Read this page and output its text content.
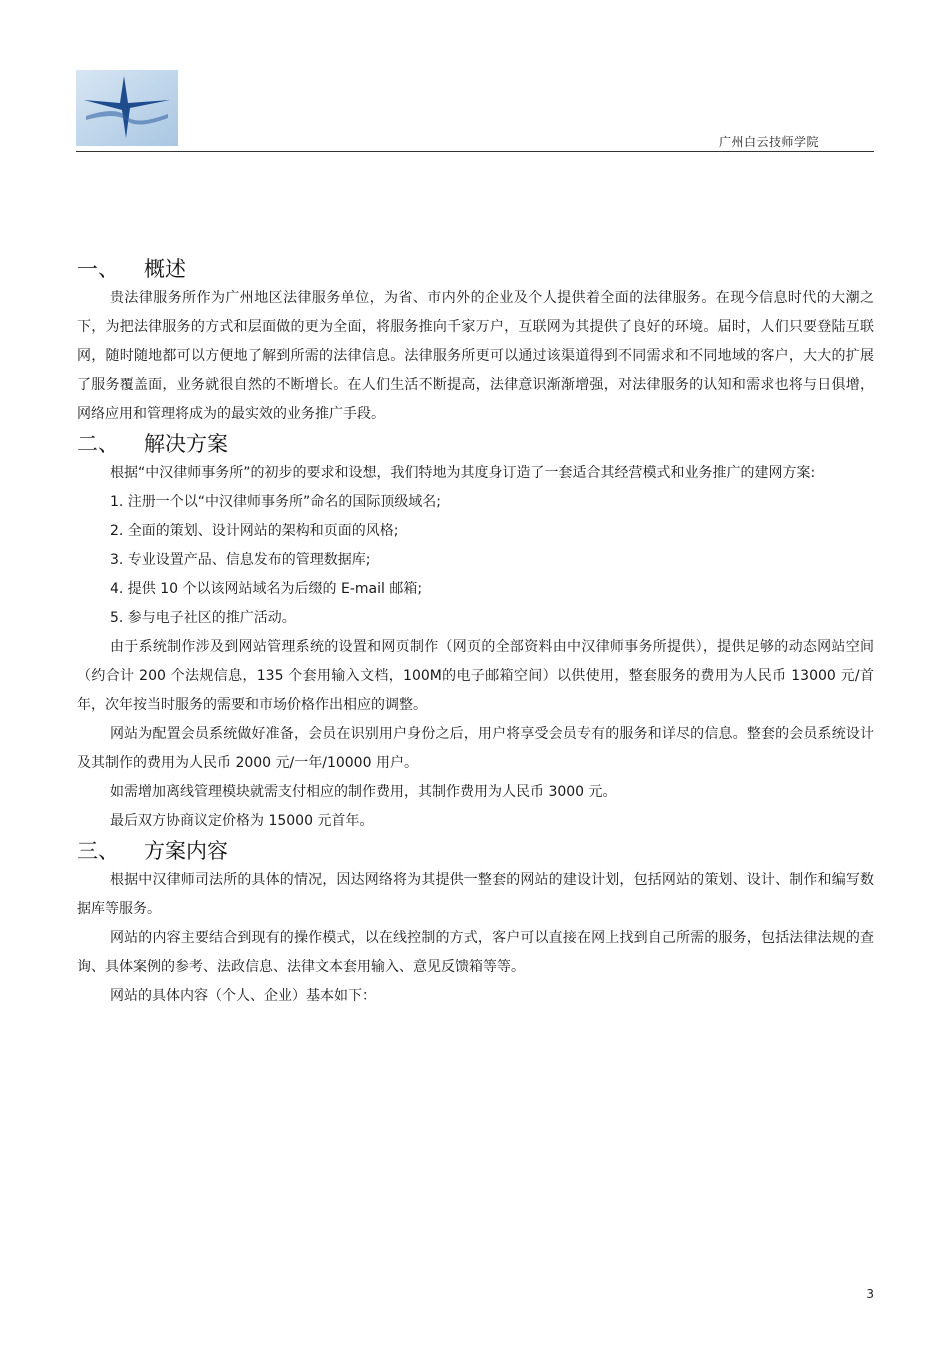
广州白云技师学院
一、	概述

贵法律服务所作为广州地区法律服务单位，为省、市内外的企业及个人提供着全面的法律服务。在现今信息时代的大潮之下，为把法律服务的方式和层面做的更为全面，将服务推向千家万户，互联网为其提供了良好的环境。届时，人们只要登陆互联网，随时随地都可以方便地了解到所需的法律信息。法律服务所更可以通过该渠道得到不同需求和不同地域的客户，大大的扩展了服务覆盖面，业务就很自然的不断增长。在人们生活不断提高，法律意识渐渐增强，对法律服务的认知和需求也将与日俱增，网络应用和管理将成为的最实效的业务推广手段。

二、	解决方案

根据“中汉律师事务所”的初步的要求和设想，我们特地为其度身订造了一套适合其经营模式和业务推广的建网方案:

1. 注册一个以“中汉律师事务所”命名的国际顶级域名;
2. 全面的策划、设计网站的架构和页面的风格;
3. 专业设置产品、信息发布的管理数据库;
4. 提供 10 个以该网站域名为后缀的 E-mail 邮箱;
5. 参与电子社区的推广活动。

由于系统制作涉及到网站管理系统的设置和网页制作（网页的全部资料由中汉律师事务所提供），提供足够的动态网站空间（约合计 200 个法规信息，135 个套用输入文档，100M的电子邮箱空间）以供使用，整套服务的费用为人民币 13000 元/首年，次年按当时服务的需要和市场价格作出相应的调整。

网站为配置会员系统做好准备，会员在识别用户身份之后，用户将享受会员专有的服务和详尽的信息。整套的会员系统设计及其制作的费用为人民币 2000 元/一年/10000 用户。

如需增加离线管理模块就需支付相应的制作费用，其制作费用为人民币 3000 元。

最后双方协商议定价格为 15000 元首年。

三、	方案内容

根据中汉律师司法所的具体的情况，因达网络将为其提供一整套的网站的建设计划，包括网站的策划、设计、制作和编写数据库等服务。

网站的内容主要结合到现有的操作模式，以在线控制的方式，客户可以直接在网上找到自己所需的服务，包括法律法规的查询、具体案例的参考、法政信息、法律文本套用输入、意见反馈箱等等。

网站的具体内容（个人、企业）基本如下：

3
